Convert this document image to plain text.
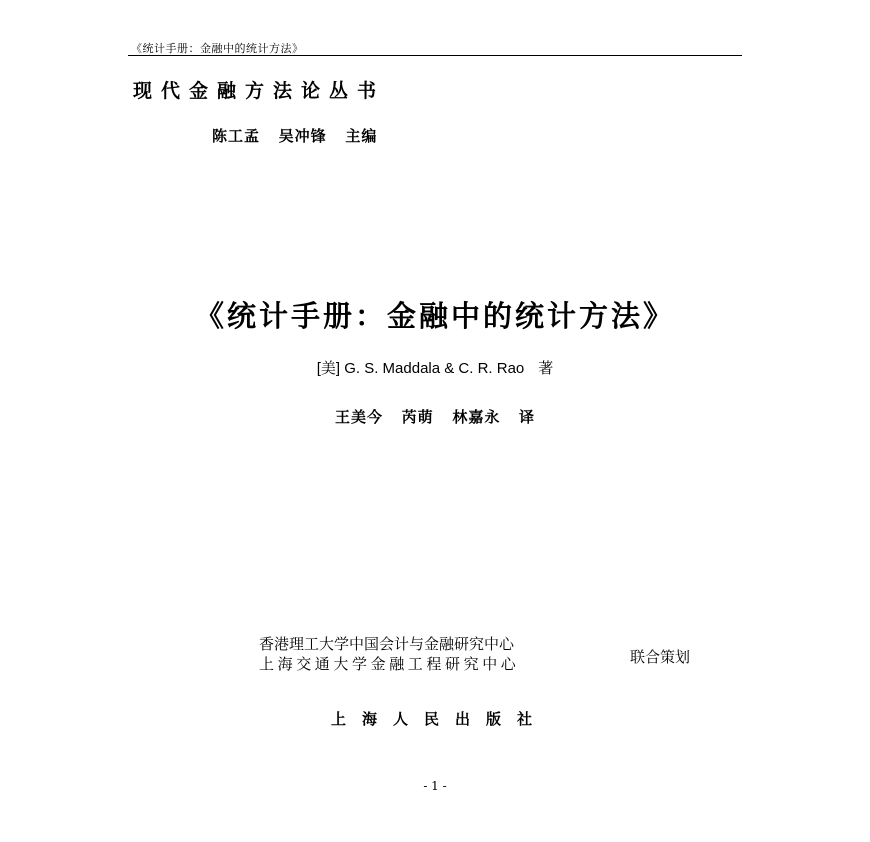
《统计手册：金融中的统计方法》
现代金融方法论丛书
陈工孟   吴冲锋   主编
《统计手册：金融中的统计方法》
[美] G. S. Maddala & C. R. Rao 著
王美今   芮萌   林嘉永   译
香港理工大学中国会计与金融研究中心
上海交通大学金融工程研究中心	联合策划
上海人民出版社
- 1 -
